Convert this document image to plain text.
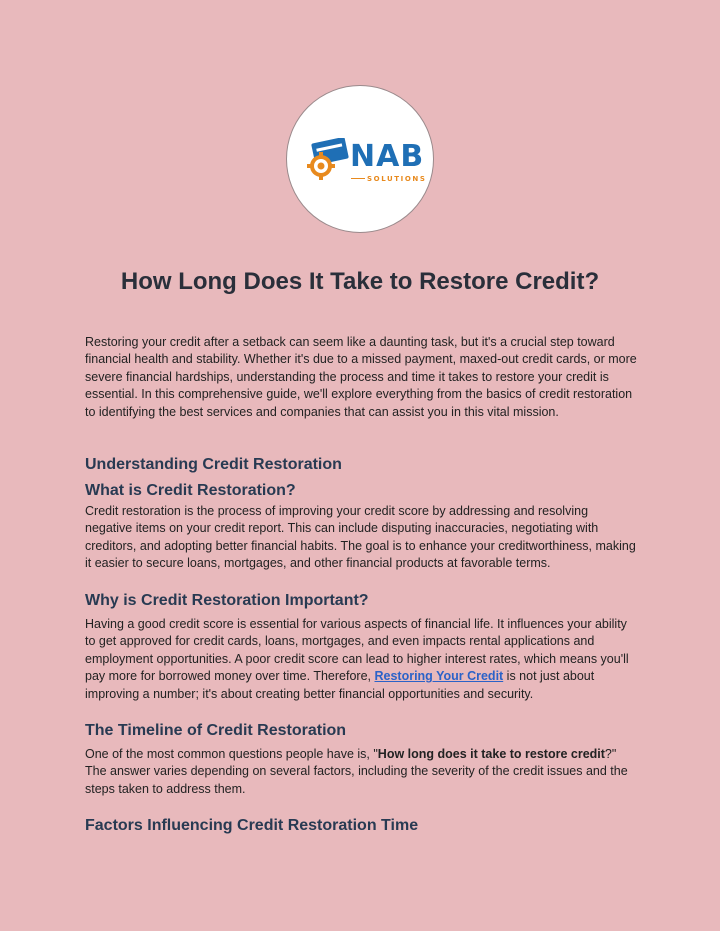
NAB
SOLUTIONS
How Long Does It Take to Restore Credit?

Restoring your credit after a setback can seem like a daunting task, but it's a crucial step toward financial health and stability. Whether it's due to a missed payment, maxed-out credit cards, or more severe financial hardships, understanding the process and time it takes to restore your credit is essential. In this comprehensive guide, we'll explore everything from the basics of credit restoration to identifying the best services and companies that can assist you in this vital mission.

Understanding Credit Restoration
What is Credit Restoration?

Credit restoration is the process of improving your credit score by addressing and resolving negative items on your credit report. This can include disputing inaccuracies, negotiating with creditors, and adopting better financial habits. The goal is to enhance your creditworthiness, making it easier to secure loans, mortgages, and other financial products at favorable terms.

Why is Credit Restoration Important?

Having a good credit score is essential for various aspects of financial life. It influences your ability to get approved for credit cards, loans, mortgages, and even impacts rental applications and employment opportunities. A poor credit score can lead to higher interest rates, which means you'll pay more for borrowed money over time. Therefore, Restoring Your Credit is not just about improving a number; it's about creating better financial opportunities and security.

The Timeline of Credit Restoration

One of the most common questions people have is, "How long does it take to restore credit?" The answer varies depending on several factors, including the severity of the credit issues and the steps taken to address them.

Factors Influencing Credit Restoration Time
